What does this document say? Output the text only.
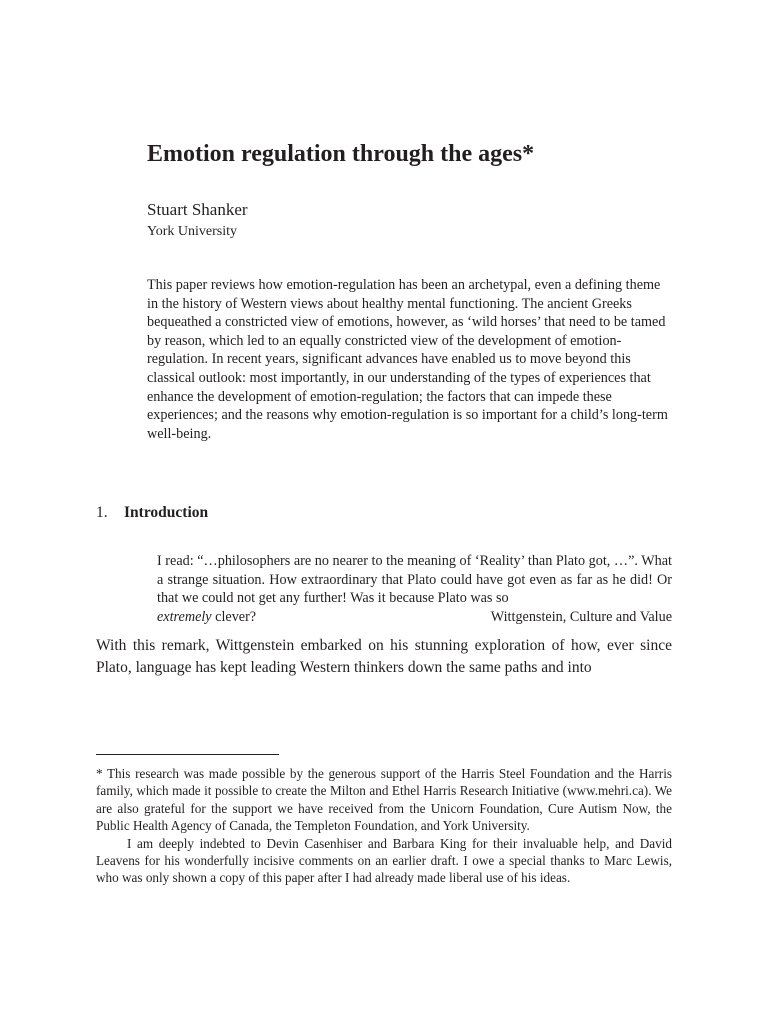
Emotion regulation through the ages*
Stuart Shanker
York University

This paper reviews how emotion-regulation has been an archetypal, even a defining theme in the history of Western views about healthy mental functioning. The ancient Greeks bequeathed a constricted view of emotions, however, as ‘wild horses’ that need to be tamed by reason, which led to an equally constricted view of the development of emotion-regulation. In recent years, significant advances have enabled us to move beyond this classical outlook: most importantly, in our understanding of the types of experiences that enhance the development of emotion-regulation; the factors that can impede these experiences; and the reasons why emotion-regulation is so important for a child’s long-term well-being.

1. Introduction
I read: “…philosophers are no nearer to the meaning of ‘Reality’ than Plato got, …”. What a strange situation. How extraordinary that Plato could have got even as far as he did! Or that we could not get any further! Was it because Plato was so
extremely clever?	Wittgenstein, Culture and Value

With this remark, Wittgenstein embarked on his stunning exploration of how, ever since Plato, language has kept leading Western thinkers down the same paths and into

* This research was made possible by the generous support of the Harris Steel Foundation and the Harris family, which made it possible to create the Milton and Ethel Harris Research Initiative (www.mehri.ca). We are also grateful for the support we have received from the Unicorn Foundation, Cure Autism Now, the Public Health Agency of Canada, the Templeton Foundation, and York University.

I am deeply indebted to Devin Casenhiser and Barbara King for their invaluable help, and David Leavens for his wonderfully incisive comments on an earlier draft. I owe a special thanks to Marc Lewis, who was only shown a copy of this paper after I had already made liberal use of his ideas.
